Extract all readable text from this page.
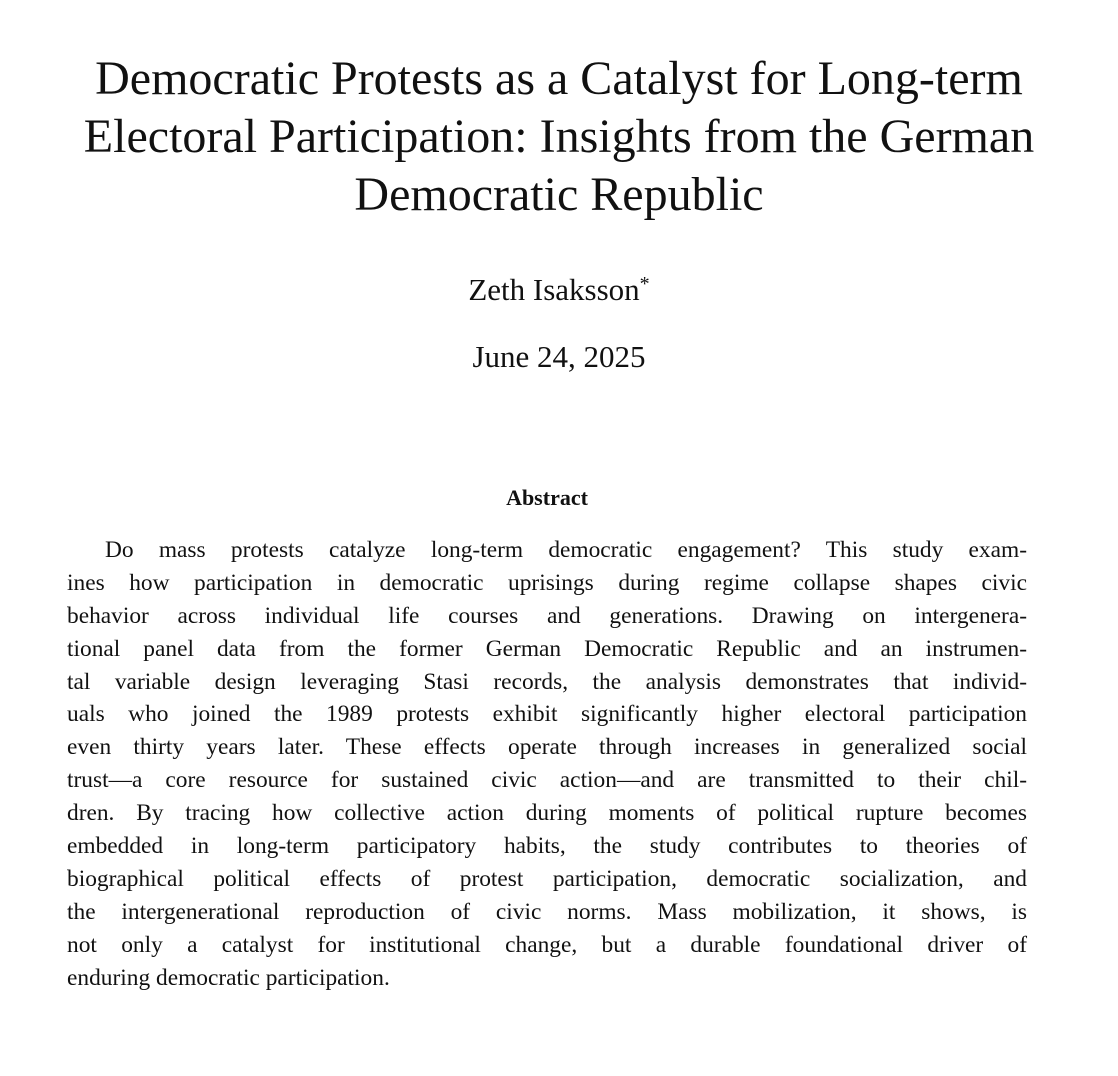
Democratic Protests as a Catalyst for Long-term
Electoral Participation: Insights from the German
Democratic Republic
Zeth Isaksson*
June 24, 2025
Abstract
Do mass protests catalyze long-term democratic engagement? This study exam-
ines how participation in democratic uprisings during regime collapse shapes civic
behavior across individual life courses and generations. Drawing on intergenera-
tional panel data from the former German Democratic Republic and an instrumen-
tal variable design leveraging Stasi records, the analysis demonstrates that individ-
uals who joined the 1989 protests exhibit significantly higher electoral participation
even thirty years later. These effects operate through increases in generalized social
trust—a core resource for sustained civic action—and are transmitted to their chil-
dren. By tracing how collective action during moments of political rupture becomes
embedded in long-term participatory habits, the study contributes to theories of
biographical political effects of protest participation, democratic socialization, and
the intergenerational reproduction of civic norms. Mass mobilization, it shows, is
not only a catalyst for institutional change, but a durable foundational driver of
enduring democratic participation.
